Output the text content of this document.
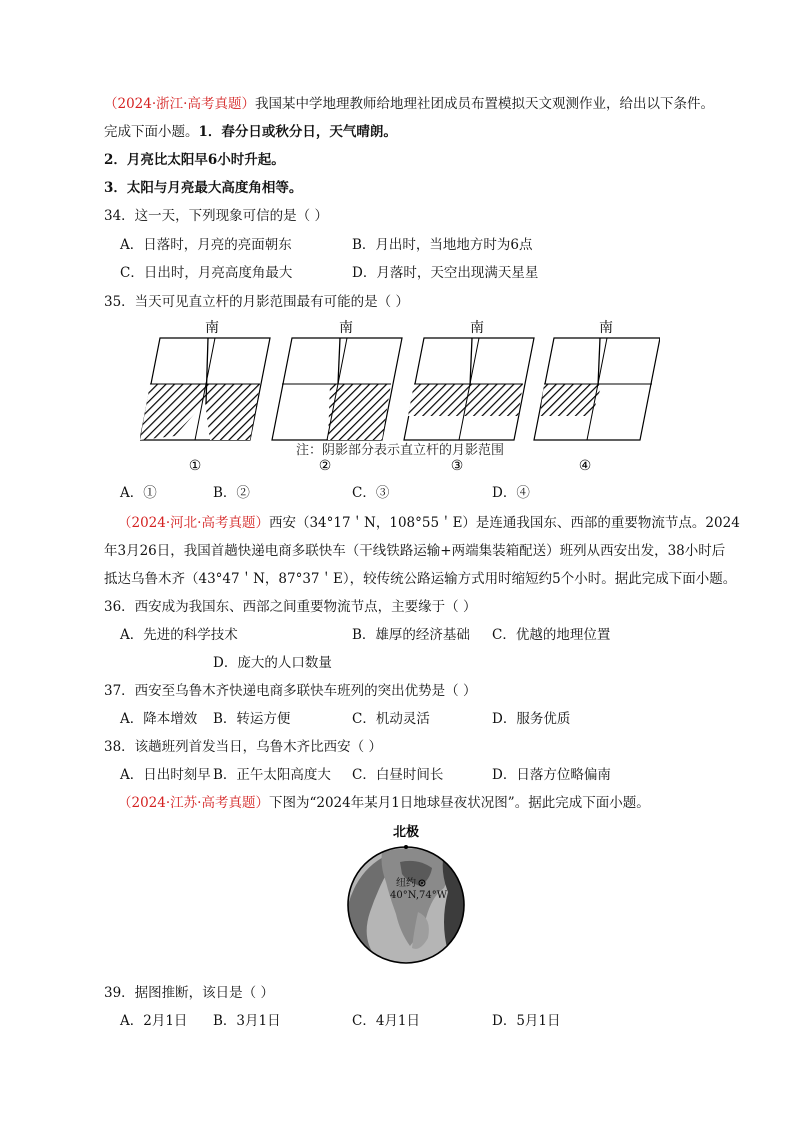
（2024·浙江·高考真题）我国某中学地理教师给地理社团成员布置模拟天文观测作业，给出以下条件。
完成下面小题。1．春分日或秋分日，天气晴朗。
2．月亮比太阳早6小时升起。
3．太阳与月亮最大高度角相等。
34．这一天，下列现象可信的是（ ）
A．日落时，月亮的亮面朝东	B．月出时，当地地方时为6点
C．日出时，月亮高度角最大	D．月落时，天空出现满天星星
35．当天可见直立杆的月影范围最有可能的是（ ）
南	南	南	南
注：阴影部分表示直立杆的月影范围
①	②	③	④
A．①	B．②	C．③	D．④
（2024·河北·高考真题）西安（34°17＇N，108°55＇E）是连通我国东、西部的重要物流节点。2024
年3月26日，我国首趟快递电商多联快车（干线铁路运输+两端集装箱配送）班列从西安出发，38小时后
抵达乌鲁木齐（43°47＇N，87°37＇E），较传统公路运输方式用时缩短约5个小时。据此完成下面小题。
36．西安成为我国东、西部之间重要物流节点，主要缘于（ ）
A．先进的科学技术	B．雄厚的经济基础 C．优越的地理位置
D．庞大的人口数量
37．西安至乌鲁木齐快递电商多联快车班列的突出优势是（ ）
A．降本增效 B．转运方便	C．机动灵活	D．服务优质
38．该趟班列首发当日，乌鲁木齐比西安（ ）
A．日出时刻早 B．正午太阳高度大 C．白昼时间长	D．日落方位略偏南
（2024·江苏·高考真题）下图为“2024年某月1日地球昼夜状况图”。据此完成下面小题。
北极
纽约
40°N,74°W
39．据图推断，该日是（ ）
A．2月1日 B．3月1日	C．4月1日	D．5月1日
